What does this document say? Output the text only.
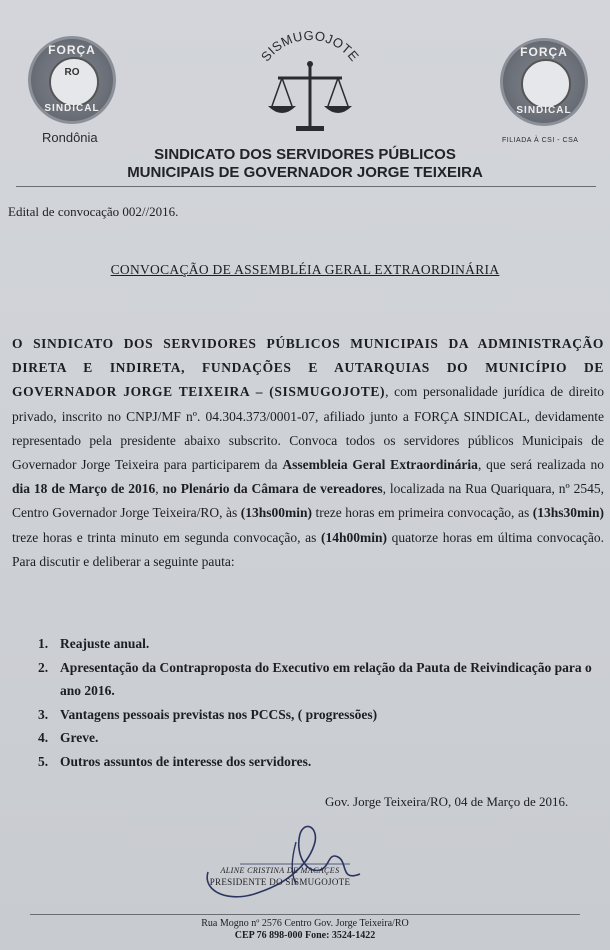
FORÇA
RO
SINDICAL
Rondônia
SISMUGOJOTE	FORÇA
SINDICAL
FILIADA À CSI - CSA
SINDICATO DOS SERVIDORES PÚBLICOS
MUNICIPAIS DE GOVERNADOR JORGE TEIXEIRA
Edital de convocação 002//2016.
CONVOCAÇÃO DE ASSEMBLÉIA GERAL EXTRAORDINÁRIA
O SINDICATO DOS SERVIDORES PÚBLICOS MUNICIPAIS DA ADMINISTRAÇÃO DIRETA E INDIRETA, FUNDAÇÕES E AUTARQUIAS DO MUNICÍPIO DE GOVERNADOR JORGE TEIXEIRA – (SISMUGOJOTE), com personalidade jurídica de direito privado, inscrito no CNPJ/MF nº. 04.304.373/0001-07, afiliado junto a FORÇA SINDICAL, devidamente representado pela presidente abaixo subscrito. Convoca todos os servidores públicos Municipais de Governador Jorge Teixeira para participarem da Assembleia Geral Extraordinária, que será realizada no dia 18 de Março de 2016, no Plenário da Câmara de vereadores, localizada na Rua Quariquara, nº 2545, Centro Governador Jorge Teixeira/RO, às (13hs00min) treze horas em primeira convocação, as (13hs30min) treze horas e trinta minuto em segunda convocação, as (14h00min) quatorze horas em última convocação. Para discutir e deliberar a seguinte pauta:
1. Reajuste anual.
2. Apresentação da Contraproposta do Executivo em relação da Pauta de Reivindicação para o ano 2016.
3. Vantagens pessoais previstas nos PCCSs, ( progressões)
4. Greve.
5. Outros assuntos de interesse dos servidores.
Gov. Jorge Teixeira/RO, 04 de Março de 2016.
ALINE CRISTINA DE MACAÇES
PRESIDENTE DO SISMUGOJOTE
Rua Mogno nº 2576 Centro Gov. Jorge Teixeira/RO
CEP 76 898-000 Fone: 3524-1422
